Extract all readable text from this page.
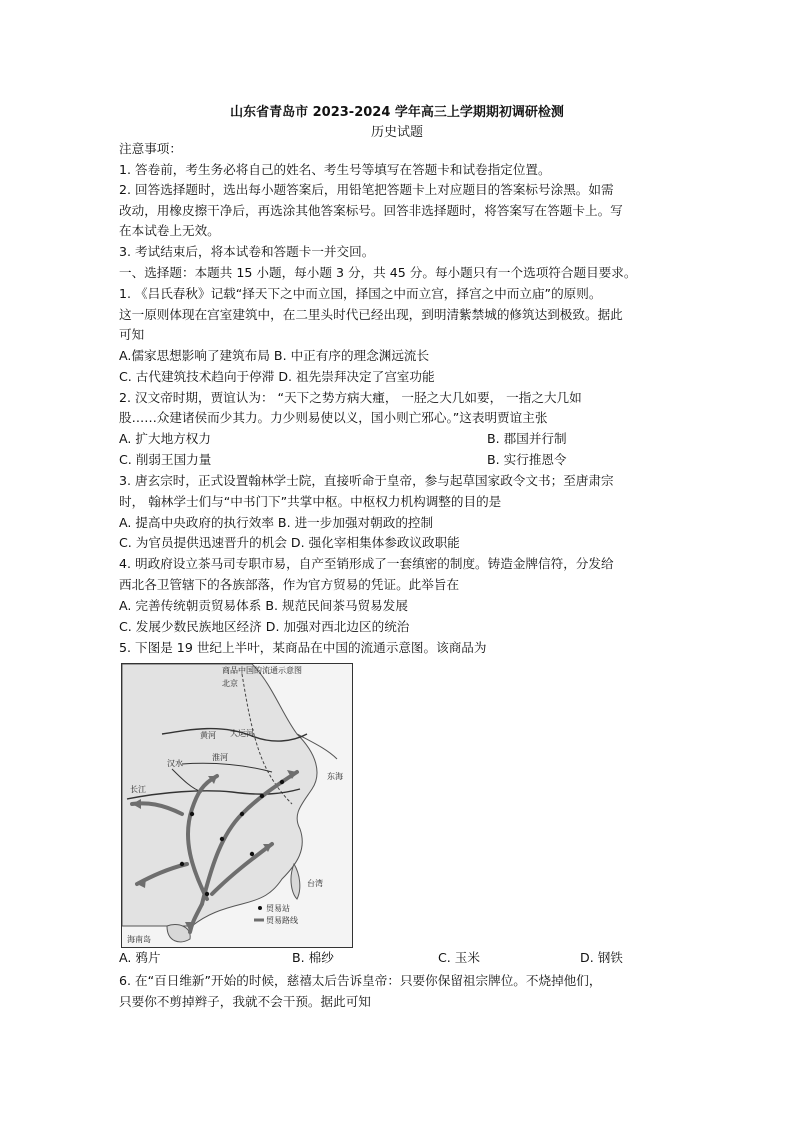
山东省青岛市 2023-2024 学年高三上学期期初调研检测
历史试题
注意事项：
1. 答卷前，考生务必将自己的姓名、考生号等填写在答题卡和试卷指定位置。
2. 回答选择题时，选出每小题答案后，用铅笔把答题卡上对应题目的答案标号涂黑。如需
改动，用橡皮擦干净后，再选涂其他答案标号。回答非选择题时，将答案写在答题卡上。写
在本试卷上无效。
3. 考试结束后，将本试卷和答题卡一并交回。
一、选择题：本题共 15 小题，每小题 3 分，共 45 分。每小题只有一个选项符合题目要求。
1. 《吕氏春秋》记载“择天下之中而立国，择国之中而立宫，择宫之中而立庙”的原则。
这一原则体现在宫室建筑中，在二里头时代已经出现，到明清紫禁城的修筑达到极致。据此
可知
A.儒家思想影响了建筑布局 B. 中正有序的理念渊远流长
C. 古代建筑技术趋向于停滞 D. 祖先崇拜决定了宫室功能
2. 汉文帝时期，贾谊认为： “天下之势方病大瘇， 一胫之大几如要， 一指之大几如
股……众建诸侯而少其力。力少则易使以义，国小则亡邪心。”这表明贾谊主张
A. 扩大地方权力	B. 郡国并行制
C. 削弱王国力量	B. 实行推恩令
3. 唐玄宗时，正式设置翰林学士院，直接听命于皇帝，参与起草国家政令文书；至唐肃宗
时， 翰林学士们与“中书门下”共掌中枢。中枢权力机构调整的目的是
A. 提高中央政府的执行效率 B. 进一步加强对朝政的控制
C. 为官员提供迅速晋升的机会 D. 强化宰相集体参政议政职能
4. 明政府设立茶马司专职市易，自产至销形成了一套缜密的制度。铸造金牌信符，分发给
西北各卫管辖下的各族部落，作为官方贸易的凭证。此举旨在
A. 完善传统朝贡贸易体系 B. 规范民间茶马贸易发展
C. 发展少数民族地区经济 D. 加强对西北边区的统治
5. 下图是 19 世纪上半叶，某商品在中国的流通示意图。该商品为
商品中国的流通示意图
北京
黄河 大运河
淮河
长江
汉水
东海
台湾
海南岛
贸易站
贸易路线
A. 鸦片	B. 棉纱	C. 玉米	D. 钢铁
6. 在“百日维新”开始的时候，慈禧太后告诉皇帝：只要你保留祖宗牌位。不烧掉他们，
只要你不剪掉辫子，我就不会干预。据此可知
